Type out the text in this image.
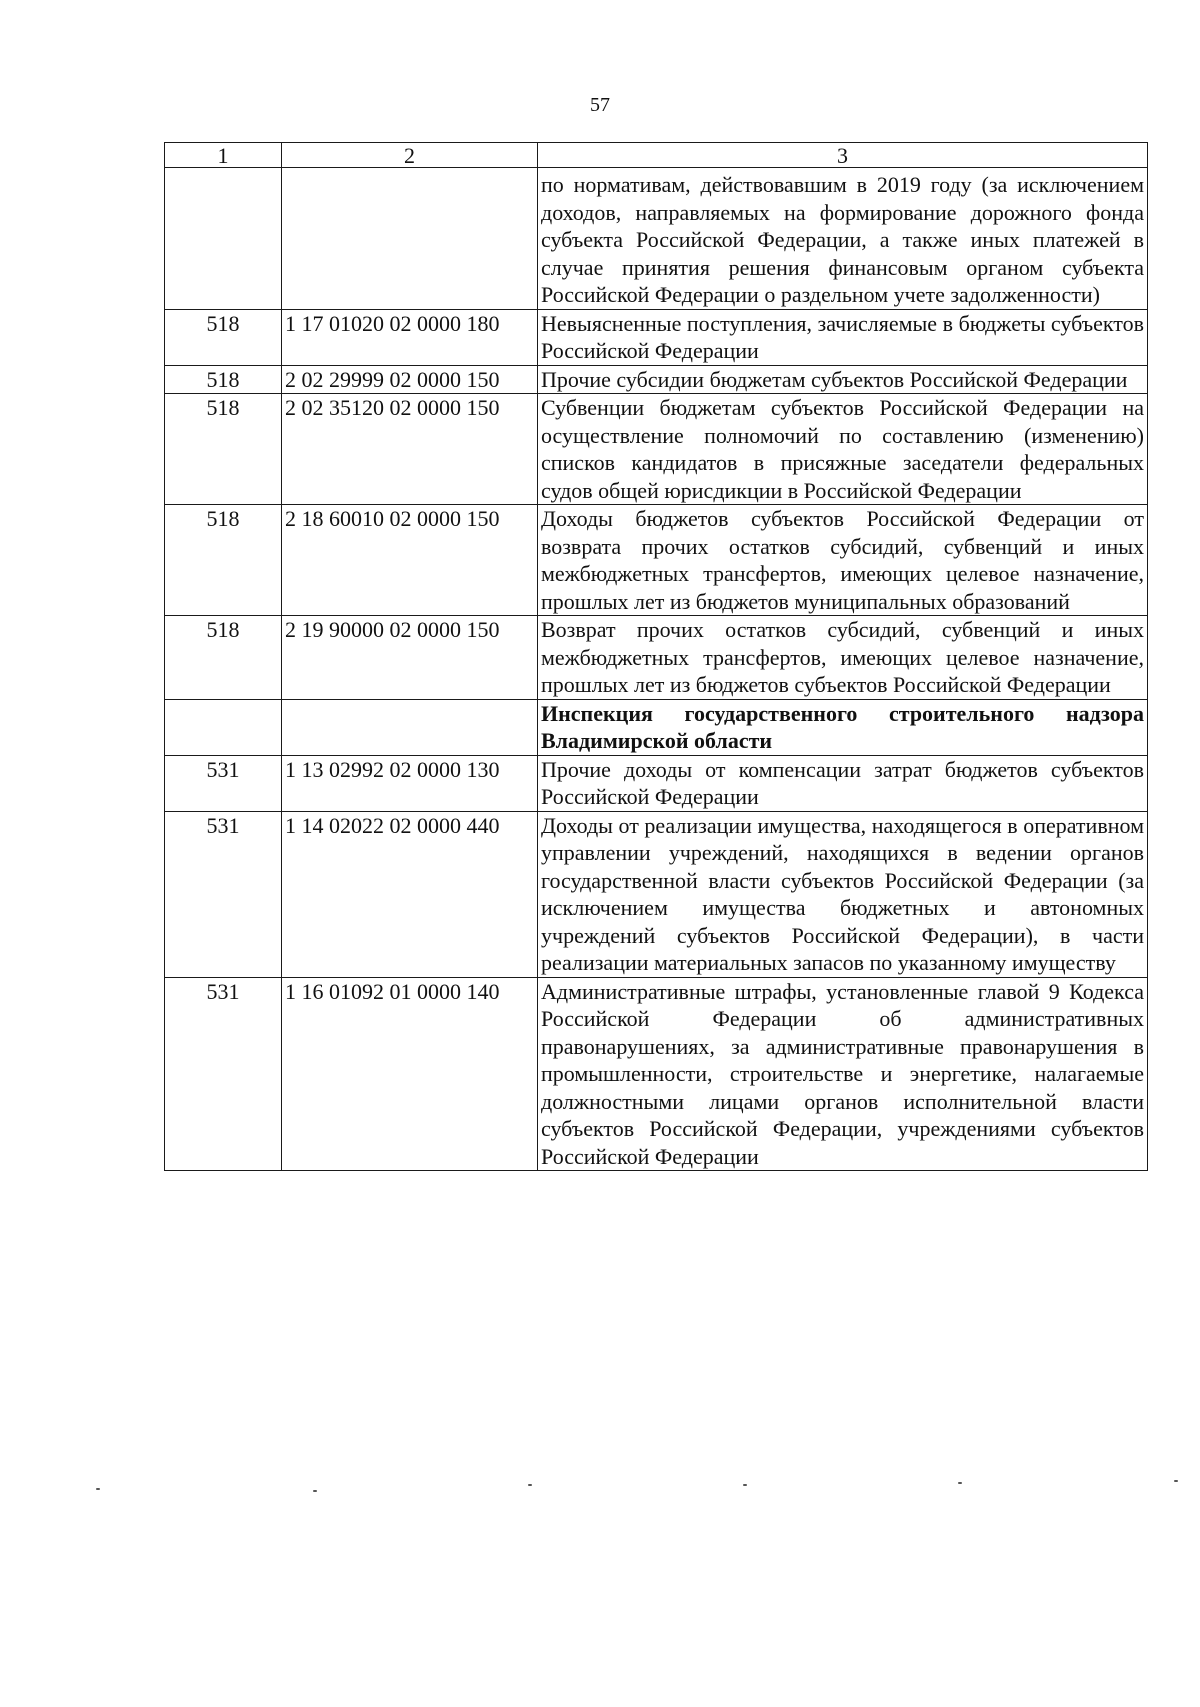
57
1	2	3
		по нормативам, действовавшим в 2019 году (за исключением доходов, направляемых на формирование дорожного фонда субъекта Российской Федерации, а также иных платежей в случае принятия решения финансовым органом субъекта Российской Федерации о раздельном учете задолженности)
518	1 17 01020 02 0000 180	Невыясненные поступления, зачисляемые в бюджеты субъектов Российской Федерации
518	2 02 29999 02 0000 150	Прочие субсидии бюджетам субъектов Российской Федерации
518	2 02 35120 02 0000 150	Субвенции бюджетам субъектов Российской Федерации на осуществление полномочий по составлению (изменению) списков кандидатов в присяжные заседатели федеральных судов общей юрисдикции в Российской Федерации
518	2 18 60010 02 0000 150	Доходы бюджетов субъектов Российской Федерации от возврата прочих остатков субсидий, субвенций и иных межбюджетных трансфертов, имеющих целевое назначение, прошлых лет из бюджетов муниципальных образований
518	2 19 90000 02 0000 150	Возврат прочих остатков субсидий, субвенций и иных межбюджетных трансфертов, имеющих целевое назначение, прошлых лет из бюджетов субъектов Российской Федерации
		Инспекция государственного строительного надзора Владимирской области
531	1 13 02992 02 0000 130	Прочие доходы от компенсации затрат бюджетов субъектов Российской Федерации
531	1 14 02022 02 0000 440	Доходы от реализации имущества, находящегося в оперативном управлении учреждений, находящихся в ведении органов государственной власти субъектов Российской Федерации (за исключением имущества бюджетных и автономных учреждений субъектов Российской Федерации), в части реализации материальных запасов по указанному имуществу
531	1 16 01092 01 0000 140	Административные штрафы, установленные главой 9 Кодекса Российской Федерации об административных правонарушениях, за административные правонарушения в промышленности, строительстве и энергетике, налагаемые должностными лицами органов исполнительной власти субъектов Российской Федерации, учреждениями субъектов Российской Федерации
